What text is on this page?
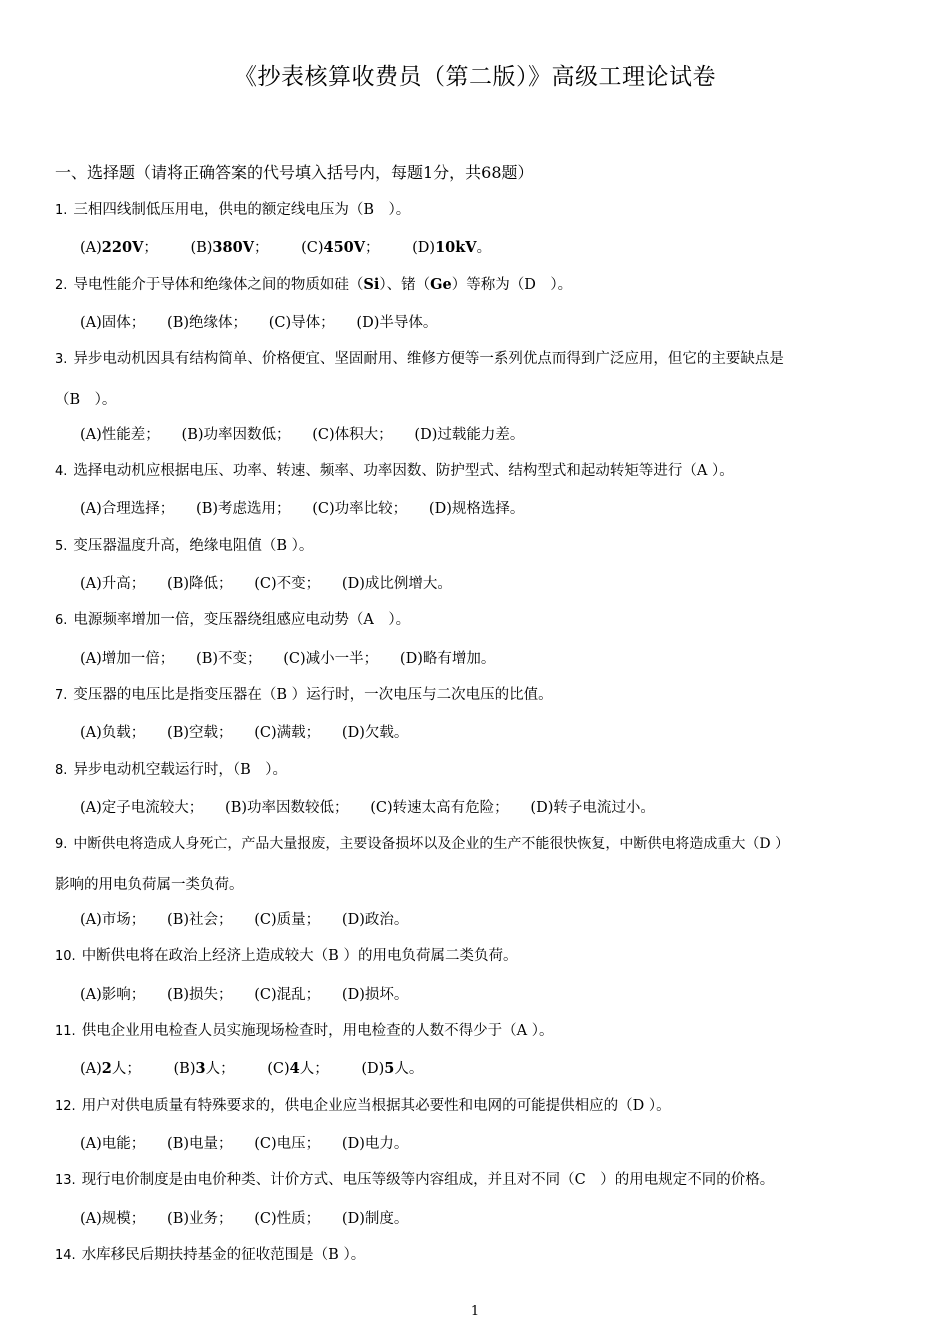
《抄表核算收费员（第二版）》高级工理论试卷
一、选择题（请将正确答案的代号填入括号内，每题1分，共68题）
1. 三相四线制低压用电，供电的额定线电压为（B　）。
(A)220V； (B)380V； (C)450V； (D)10kV。
2. 导电性能介于导体和绝缘体之间的物质如硅（Si）、锗（Ge）等称为（D　）。
(A)固体；　　(B)绝缘体；　　(C)导体；　　(D)半导体。
3. 异步电动机因具有结构简单、价格便宜、坚固耐用、维修方便等一系列优点而得到广泛应用，但它的主要缺点是
（B　）。
(A)性能差；　　(B)功率因数低；　　(C)体积大；　　(D)过载能力差。
4. 选择电动机应根据电压、功率、转速、频率、功率因数、防护型式、结构型式和起动转矩等进行（A ）。
(A)合理选择；　　(B)考虑选用；　　(C)功率比较；　　(D)规格选择。
5. 变压器温度升高，绝缘电阻值（B ）。
(A)升高；　　(B)降低；　　(C)不变；　　(D)成比例增大。
6. 电源频率增加一倍，变压器绕组感应电动势（A　）。
(A)增加一倍；　　(B)不变；　　(C)减小一半；　　(D)略有增加。
7. 变压器的电压比是指变压器在（B ）运行时，一次电压与二次电压的比值。
(A)负载；　　(B)空载；　　(C)满载；　　(D)欠载。
8. 异步电动机空载运行时，（B　）。
(A)定子电流较大；　　(B)功率因数较低；　　(C)转速太高有危险；　　(D)转子电流过小。
9. 中断供电将造成人身死亡，产品大量报废，主要设备损坏以及企业的生产不能很快恢复，中断供电将造成重大（D ）
影响的用电负荷属一类负荷。
(A)市场；　　(B)社会；　　(C)质量；　　(D)政治。
10. 中断供电将在政治上经济上造成较大（B ）的用电负荷属二类负荷。
(A)影响；　　(B)损失；　　(C)混乱；　　(D)损坏。
11. 供电企业用电检查人员实施现场检查时，用电检查的人数不得少于（A ）。
(A)2人； (B)3人； (C)4人； (D)5人。
12. 用户对供电质量有特殊要求的，供电企业应当根据其必要性和电网的可能提供相应的（D ）。
(A)电能；　　(B)电量；　　(C)电压；　　(D)电力。
13. 现行电价制度是由电价种类、计价方式、电压等级等内容组成，并且对不同（C　）的用电规定不同的价格。
(A)规模；　　(B)业务；　　(C)性质；　　(D)制度。
14. 水库移民后期扶持基金的征收范围是（B ）。
1
